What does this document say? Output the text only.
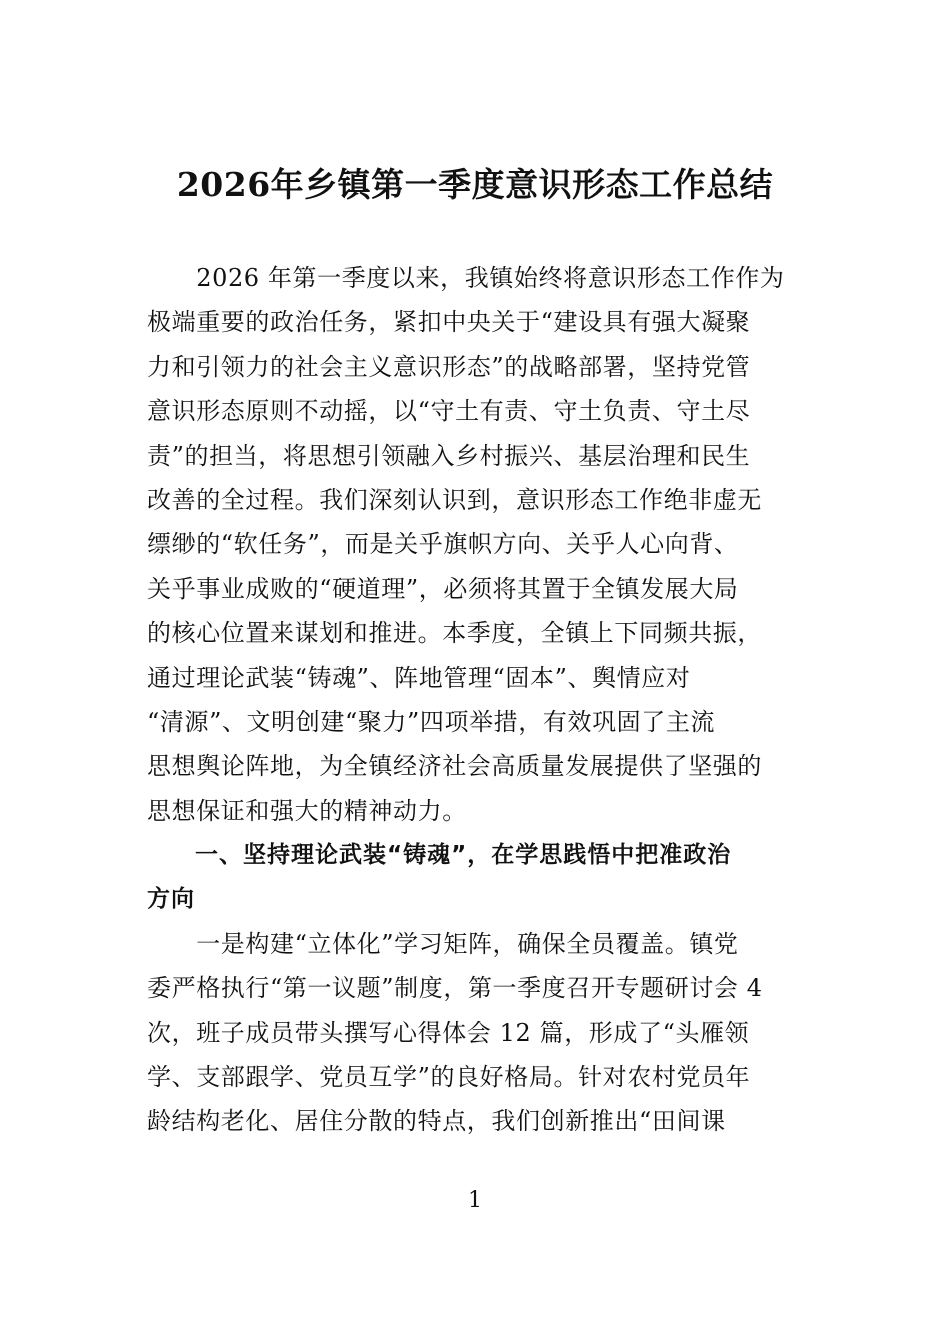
2026年乡镇第一季度意识形态工作总结
　　2026 年第一季度以来，我镇始终将意识形态工作作为
极端重要的政治任务，紧扣中央关于“建设具有强大凝聚
力和引领力的社会主义意识形态”的战略部署，坚持党管
意识形态原则不动摇，以“守土有责、守土负责、守土尽
责”的担当，将思想引领融入乡村振兴、基层治理和民生
改善的全过程。我们深刻认识到，意识形态工作绝非虚无
缥缈的“软任务”，而是关乎旗帜方向、关乎人心向背、
关乎事业成败的“硬道理”，必须将其置于全镇发展大局
的核心位置来谋划和推进。本季度，全镇上下同频共振，
通过理论武装“铸魂”、阵地管理“固本”、舆情应对
“清源”、文明创建“聚力”四项举措，有效巩固了主流
思想舆论阵地，为全镇经济社会高质量发展提供了坚强的
思想保证和强大的精神动力。
　　一、坚持理论武装“铸魂”，在学思践悟中把准政治
方向
　　一是构建“立体化”学习矩阵，确保全员覆盖。镇党
委严格执行“第一议题”制度，第一季度召开专题研讨会 4
次，班子成员带头撰写心得体会 12 篇，形成了“头雁领
学、支部跟学、党员互学”的良好格局。针对农村党员年
龄结构老化、居住分散的特点，我们创新推出“田间课
1
